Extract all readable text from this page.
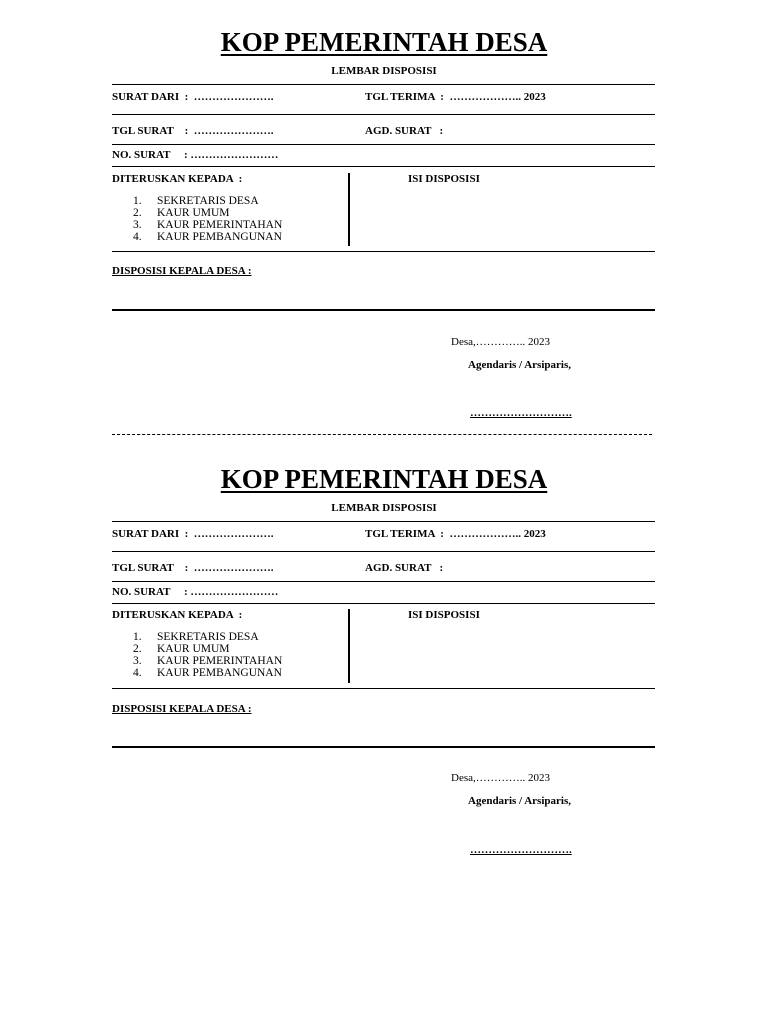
KOP PEMERINTAH DESA
LEMBAR DISPOSISI
SURAT DARI  :  ………………….	TGL TERIMA  :  ……………….. 2023
TGL SURAT    :  ………………….	AGD. SURAT   :
NO. SURAT     : ……………………
DITERUSKAN KEPADA  :	ISI DISPOSISI
1. SEKRETARIS DESA
2. KAUR UMUM
3. KAUR PEMERINTAHAN
4. KAUR PEMBANGUNAN
DISPOSISI KEPALA DESA :
Desa,………….. 2023
Agendaris / Arsiparis,
……………………….
KOP PEMERINTAH DESA
LEMBAR DISPOSISI
SURAT DARI  :  ………………….	TGL TERIMA  :  ……………….. 2023
TGL SURAT    :  ………………….	AGD. SURAT   :
NO. SURAT     : ……………………
DITERUSKAN KEPADA  :	ISI DISPOSISI
1. SEKRETARIS DESA
2. KAUR UMUM
3. KAUR PEMERINTAHAN
4. KAUR PEMBANGUNAN
DISPOSISI KEPALA DESA :
Desa,………….. 2023
Agendaris / Arsiparis,
……………………….
